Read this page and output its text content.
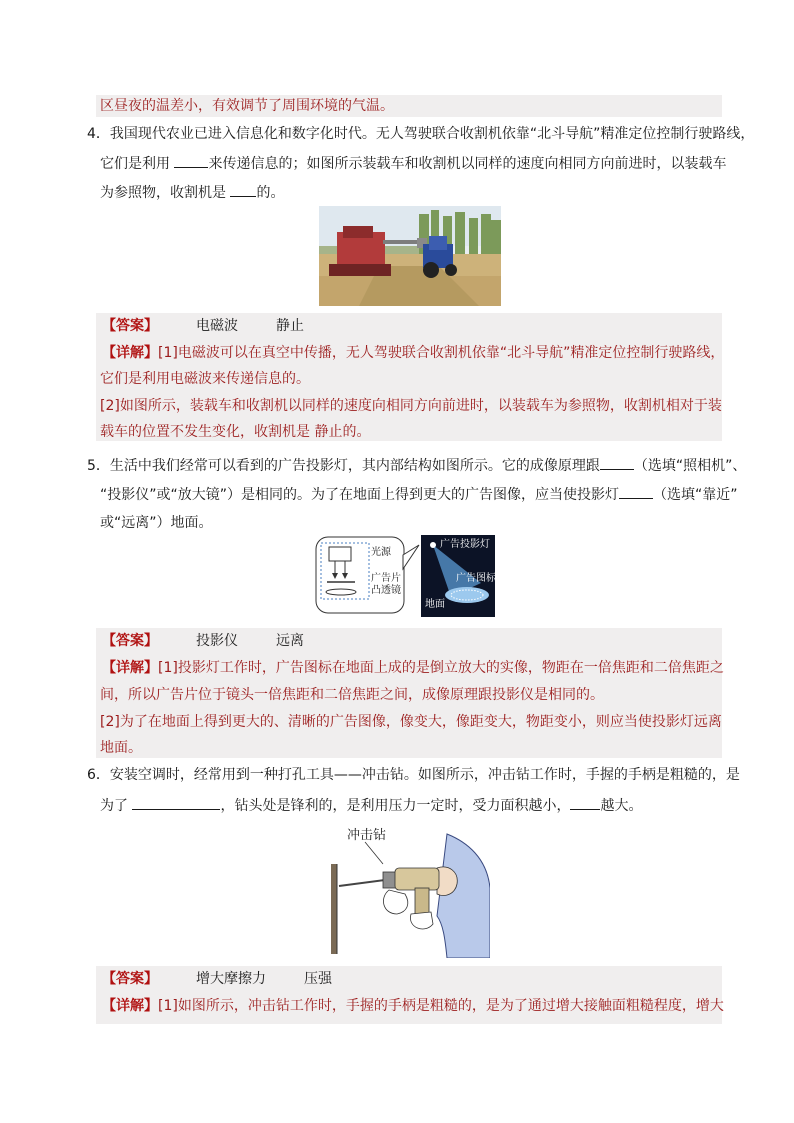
区昼夜的温差小，有效调节了周围环境的气温。
4．我国现代农业已进入信息化和数字化时代。无人驾驶联合收割机依靠“北斗导航”精准定位控制行驶路线，
它们是利用 来传递信息的；如图所示装载车和收割机以同样的速度向相同方向前进时，以装载车
为参照物，收割机是 的。
【答案】	电磁波	静止
【详解】[1]电磁波可以在真空中传播，无人驾驶联合收割机依靠“北斗导航”精准定位控制行驶路线，
它们是利用电磁波来传递信息的。
[2]如图所示，装载车和收割机以同样的速度向相同方向前进时，以装载车为参照物，收割机相对于装
载车的位置不发生变化，收割机是 静止的。
5．生活中我们经常可以看到的广告投影灯，其内部结构如图所示。它的成像原理跟 （选填“照相机”、
“投影仪”或“放大镜”）是相同的。为了在地面上得到更大的广告图像，应当使投影灯 （选填“靠近”
或“远离”）地面。
光源
广告片
凸透镜
广告投影灯
广告图标
地面
【答案】	投影仪	远离
【详解】[1]投影灯工作时，广告图标在地面上成的是倒立放大的实像，物距在一倍焦距和二倍焦距之
间，所以广告片位于镜头一倍焦距和二倍焦距之间，成像原理跟投影仪是相同的。
[2]为了在地面上得到更大的、清晰的广告图像，像变大，像距变大，物距变小，则应当使投影灯远离
地面。
6．安装空调时，经常用到一种打孔工具——冲击钻。如图所示，冲击钻工作时，手握的手柄是粗糙的，是
为了	，钻头处是锋利的，是利用压力一定时，受力面积越小， 越大。
冲击钻
【答案】	增大摩擦力	压强
【详解】[1]如图所示，冲击钻工作时，手握的手柄是粗糙的，是为了通过增大接触面粗糙程度，增大
